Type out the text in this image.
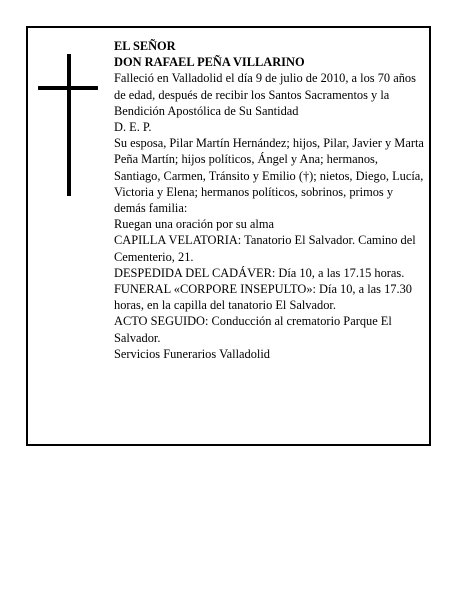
EL SEÑOR

DON RAFAEL PEÑA VILLARINO

Falleció en Valladolid el día 9 de julio de 2010, a los 70 años de edad, después de recibir los Santos Sacramentos y la Bendición Apostólica de Su Santidad

D. E. P.

Su esposa, Pilar Martín Hernández; hijos, Pilar, Javier y Marta Peña Martín; hijos políticos, Ángel y Ana; hermanos, Santiago, Carmen, Tránsito y Emilio (†); nietos, Diego, Lucía, Victoria y Elena; hermanos políticos, sobrinos, primos y demás familia:

Ruegan una oración por su alma

CAPILLA VELATORIA: Tanatorio El Salvador. Camino del Cementerio, 21.

DESPEDIDA DEL CADÁVER: Día 10, a las 17.15 horas.

FUNERAL «CORPORE INSEPULTO»: Día 10, a las 17.30 horas, en la capilla del tanatorio El Salvador.

ACTO SEGUIDO: Conducción al crematorio Parque El Salvador.

Servicios Funerarios Valladolid
